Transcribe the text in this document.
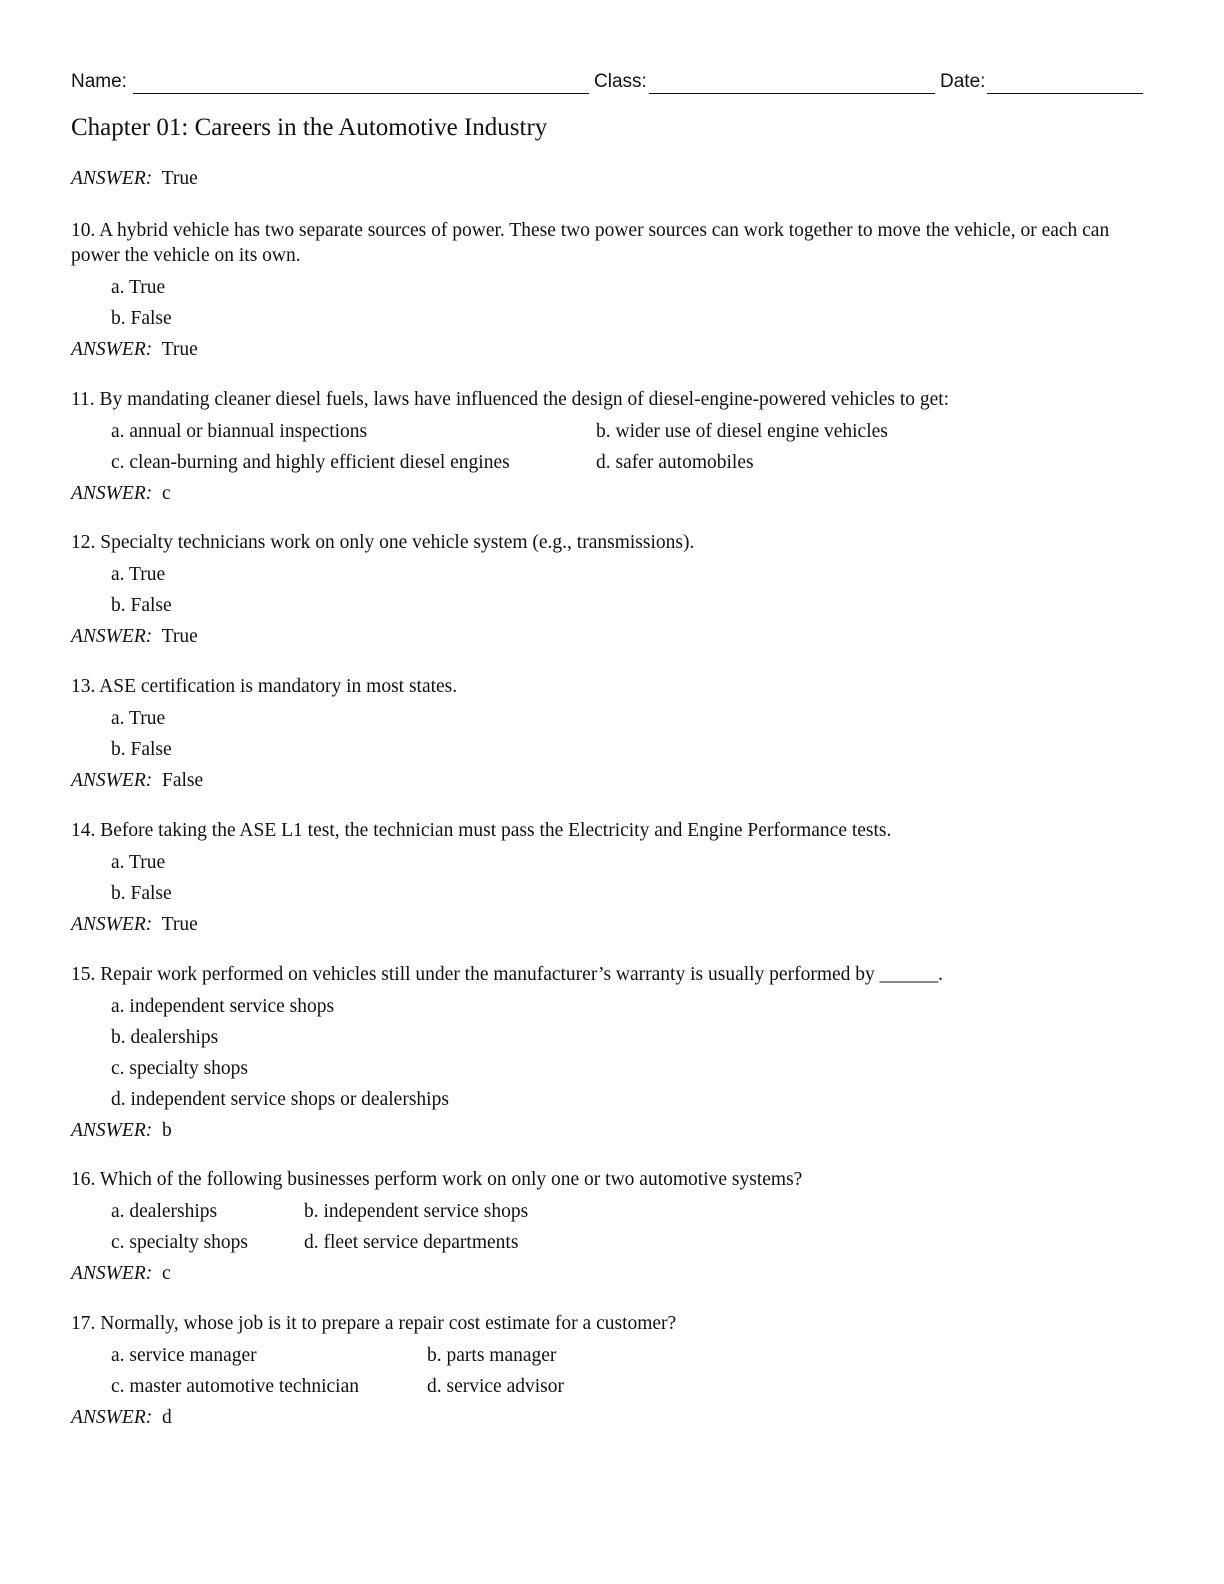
Name:	Class:	Date:
Chapter 01: Careers in the Automotive Industry
ANSWER: True
10. A hybrid vehicle has two separate sources of power. These two power sources can work together to move the vehicle, or each can power the vehicle on its own.
a. True
b. False
ANSWER: True
11. By mandating cleaner diesel fuels, laws have influenced the design of diesel-engine-powered vehicles to get:
a. annual or biannual inspections	b. wider use of diesel engine vehicles
c. clean-burning and highly efficient diesel engines	d. safer automobiles
ANSWER: c
12. Specialty technicians work on only one vehicle system (e.g., transmissions).
a. True
b. False
ANSWER: True
13. ASE certification is mandatory in most states.
a. True
b. False
ANSWER: False
14. Before taking the ASE L1 test, the technician must pass the Electricity and Engine Performance tests.
a. True
b. False
ANSWER: True
15. Repair work performed on vehicles still under the manufacturer’s warranty is usually performed by ______.
a. independent service shops
b. dealerships
c. specialty shops
d. independent service shops or dealerships
ANSWER: b
16. Which of the following businesses perform work on only one or two automotive systems?
a. dealerships	b. independent service shops
c. specialty shops	d. fleet service departments
ANSWER: c
17. Normally, whose job is it to prepare a repair cost estimate for a customer?
a. service manager	b. parts manager
c. master automotive technician	d. service advisor
ANSWER: d
